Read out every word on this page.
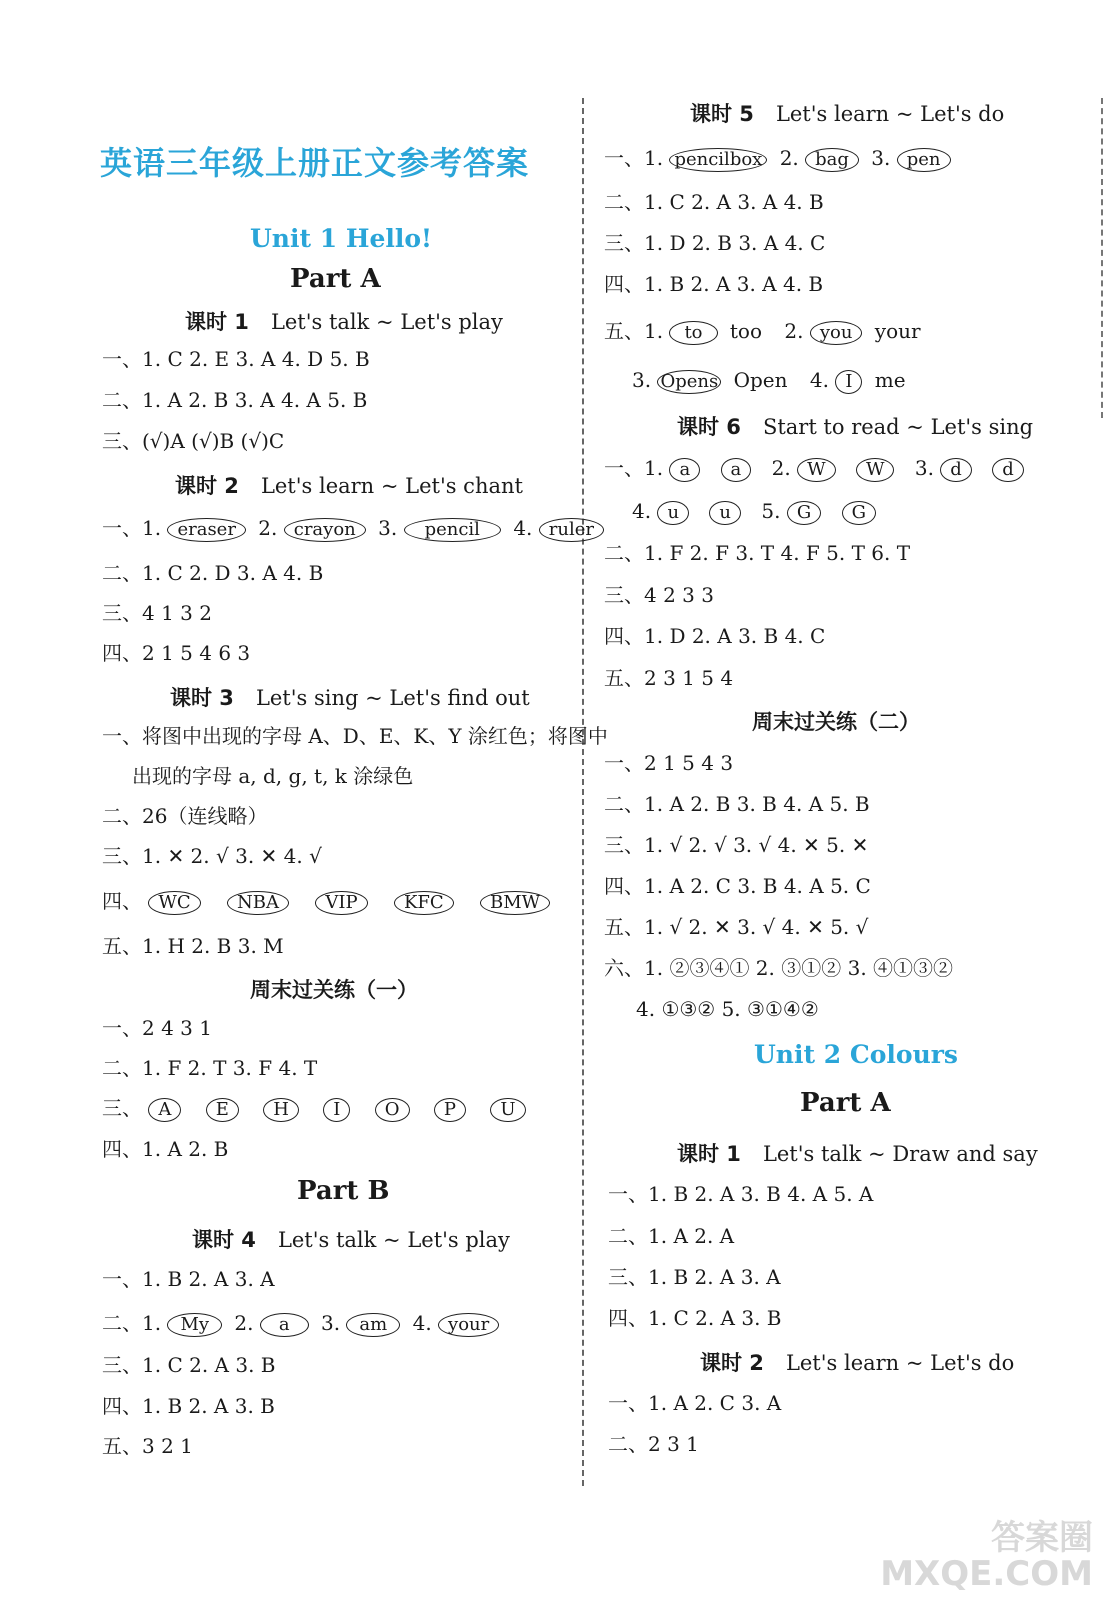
英语三年级上册正文参考答案
Unit 1 Hello!
Part A
课时 1 Let's talk ~ Let's play
一、1. C 2. E 3. A 4. D 5. B
二、1. A 2. B 3. A 4. A 5. B
三、(√)A (√)B (√)C
课时 2 Let's learn ~ Let's chant
一、1. eraser 2. crayon 3. pencil 4. ruler
二、1. C 2. D 3. A 4. B
三、4 1 3 2
四、2 1 5 4 6 3
课时 3 Let's sing ~ Let's find out
一、将图中出现的字母 A、D、E、K、Y 涂红色；将图中
出现的字母 a, d, g, t, k 涂绿色
二、26（连线略）
三、1. ✕ 2. √ 3. ✕ 4. √
四、 WC	NBA	VIP	KFC	BMW
五、1. H 2. B 3. M
周末过关练（一）
一、2 4 3 1
二、1. F 2. T 3. F 4. T
三、 A E H I O P U
四、1. A 2. B
Part B
课时 4 Let's talk ~ Let's play
一、1. B 2. A 3. A
二、1. My 2. a 3. am 4. your
三、1. C 2. A 3. B
四、1. B 2. A 3. B
五、3 2 1
课时 5 Let's learn ~ Let's do
一、1. pencilbox 2. bag 3. pen
二、1. C 2. A 3. A 4. B
三、1. D 2. B 3. A 4. C
四、1. B 2. A 3. A 4. B
五、1. to too 2. you your
3. Opens Open 4. I me
课时 6 Start to read ~ Let's sing
一、1. a a 2. W W 3. d d
4. u u 5. G G
二、1. F 2. F 3. T 4. F 5. T 6. T
三、4 2 3 3
四、1. D 2. A 3. B 4. C
五、2 3 1 5 4
周末过关练（二）
一、2 1 5 4 3
二、1. A 2. B 3. B 4. A 5. B
三、1. √ 2. √ 3. √ 4. ✕ 5. ✕
四、1. A 2. C 3. B 4. A 5. C
五、1. √ 2. ✕ 3. √ 4. ✕ 5. √
六、1. ②③④① 2. ③①② 3. ④①③②
4. ①③② 5. ③①④②
Unit 2 Colours
Part A
课时 1 Let's talk ~ Draw and say
一、1. B 2. A 3. B 4. A 5. A
二、1. A 2. A
三、1. B 2. A 3. A
四、1. C 2. A 3. B
课时 2 Let's learn ~ Let's do
一、1. A 2. C 3. A
二、2 3 1
答案圈
MXQE.COM
